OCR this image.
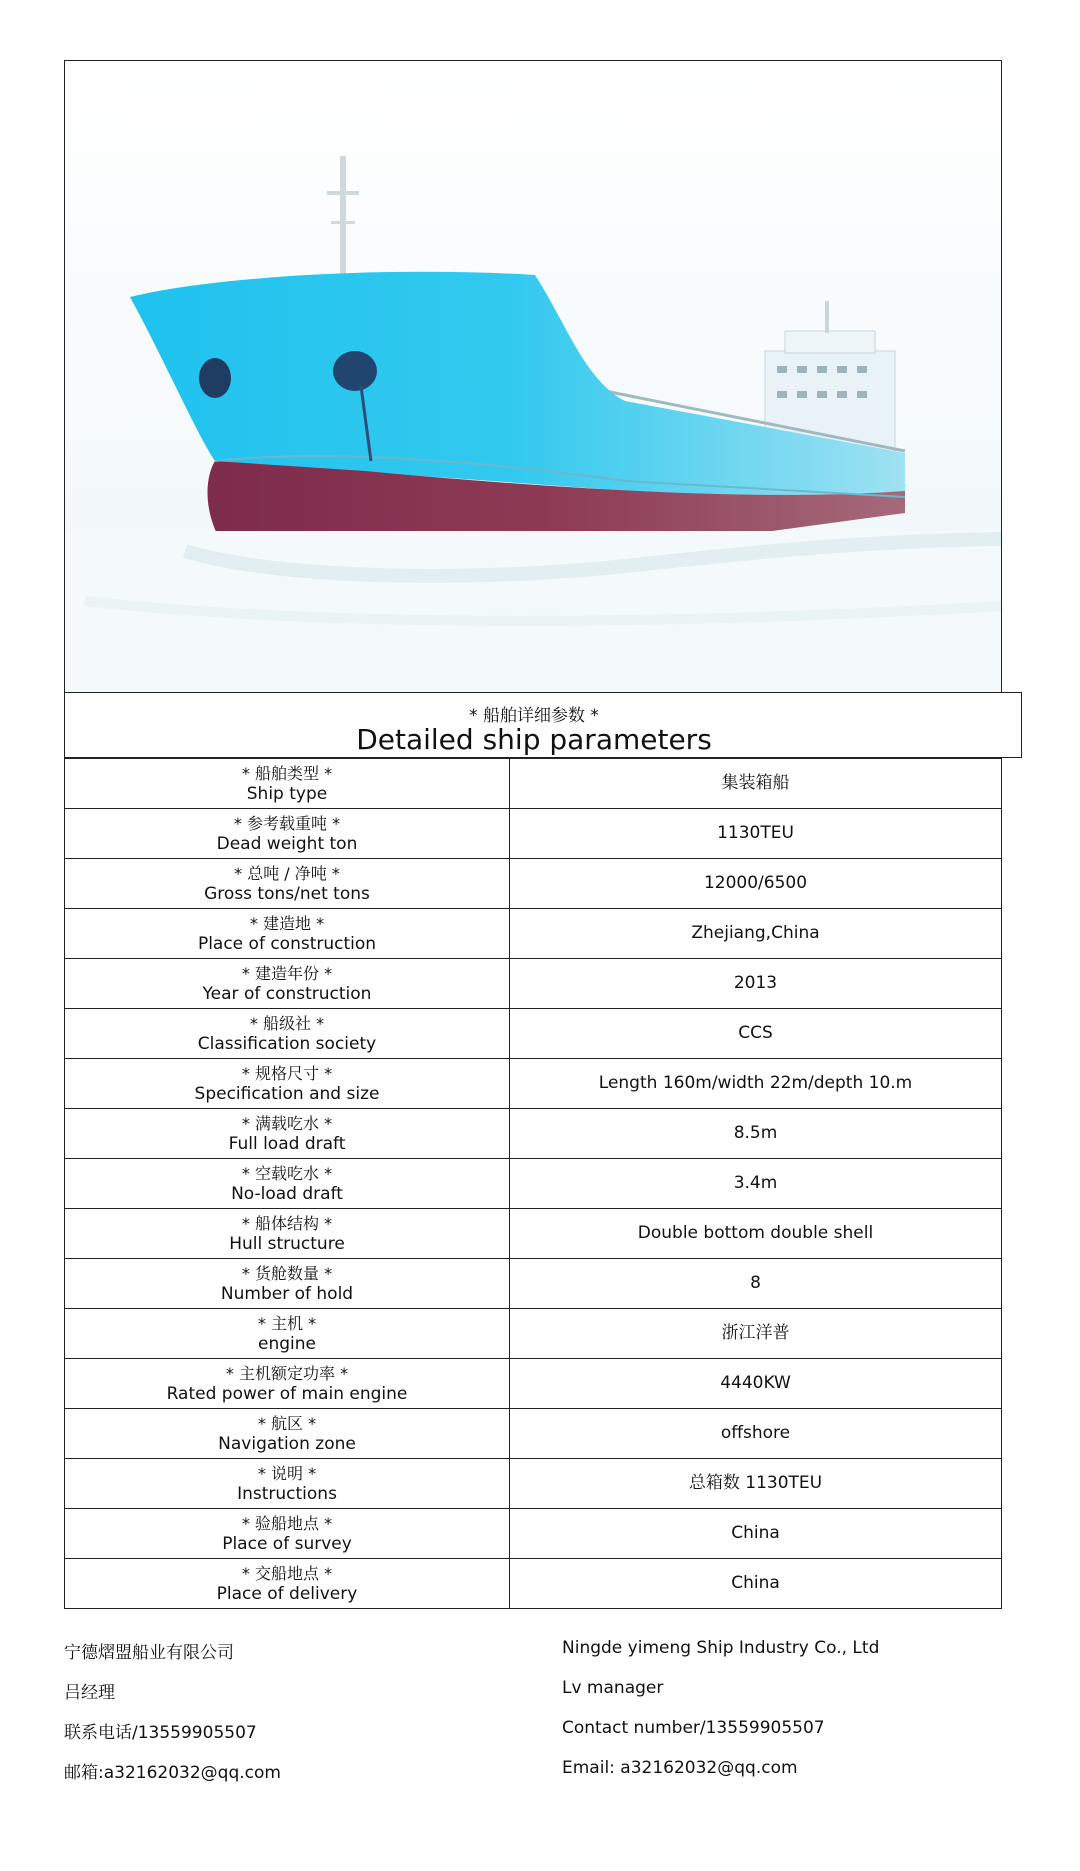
* 船舶详细参数 *
Detailed ship parameters
* 船舶类型 *
Ship type	集装箱船

* 参考载重吨 *
Dead weight ton	1130TEU

* 总吨 / 净吨 *
Gross tons/net tons	12000/6500

* 建造地 *
Place of construction	Zhejiang,China

* 建造年份 *
Year of construction	2013

* 船级社 *
Classification society	CCS

* 规格尺寸 *
Specification and size	Length 160m/width 22m/depth 10.m

* 满载吃水 *
Full load draft	8.5m

* 空载吃水 *
No-load draft	3.4m

* 船体结构 *
Hull structure	Double bottom double shell

* 货舱数量 *
Number of hold	8

* 主机 *
engine	浙江洋普

* 主机额定功率 *
Rated power of main engine	4440KW

* 航区 *
Navigation zone	offshore

* 说明 *
Instructions	总箱数 1130TEU

* 验船地点 *
Place of survey	China

* 交船地点 *
Place of delivery	China
宁德熠盟船业有限公司	Ningde yimeng Ship Industry Co., Ltd
吕经理	Lv manager
联系电话/13559905507	Contact number/13559905507
邮箱:a32162032@qq.com	Email: a32162032@qq.com
